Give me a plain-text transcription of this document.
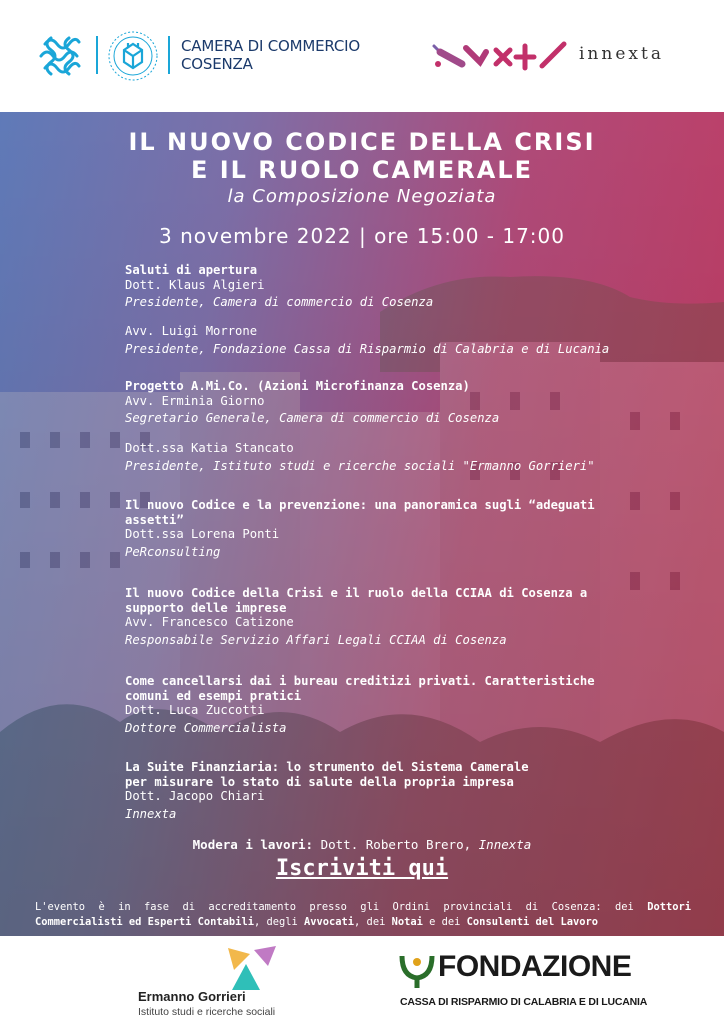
CAMERA DI COMMERCIO
COSENZA	innexta
IL NUOVO CODICE DELLA CRISI
E IL RUOLO CAMERALE
la Composizione Negoziata
3 novembre 2022 | ore 15:00 - 17:00
Saluti di apertura
Dott. Klaus Algieri
Presidente, Camera di commercio di Cosenza
Avv. Luigi Morrone
Presidente, Fondazione Cassa di Risparmio di Calabria e di Lucania
Progetto A.Mi.Co. (Azioni Microfinanza Cosenza)
Avv. Erminia Giorno
Segretario Generale, Camera di commercio di Cosenza
Dott.ssa Katia Stancato
Presidente, Istituto studi e ricerche sociali "Ermanno Gorrieri"
Il nuovo Codice e la prevenzione: una panoramica sugli “adeguati
assetti”
Dott.ssa Lorena Ponti
PeRconsulting
Il nuovo Codice della Crisi e il ruolo della CCIAA di Cosenza a
supporto delle imprese
Avv. Francesco Catizone
Responsabile Servizio Affari Legali CCIAA di Cosenza
Come cancellarsi dai i bureau creditizi privati. Caratteristiche
comuni ed esempi pratici
Dott. Luca Zuccotti
Dottore Commercialista
La Suite Finanziaria: lo strumento del Sistema Camerale
per misurare lo stato di salute della propria impresa
Dott. Jacopo Chiari
Innexta
Modera i lavori: Dott. Roberto Brero, Innexta
Iscriviti qui
L'evento è in fase di accreditamento presso gli Ordini provinciali di Cosenza: dei Dottori Commercialisti ed Esperti Contabili, degli Avvocati, dei Notai e dei Consulenti del Lavoro
Ermanno Gorrieri
Istituto studi e ricerche sociali
FONDAZIONE
CASSA DI RISPARMIO DI CALABRIA E DI LUCANIA
